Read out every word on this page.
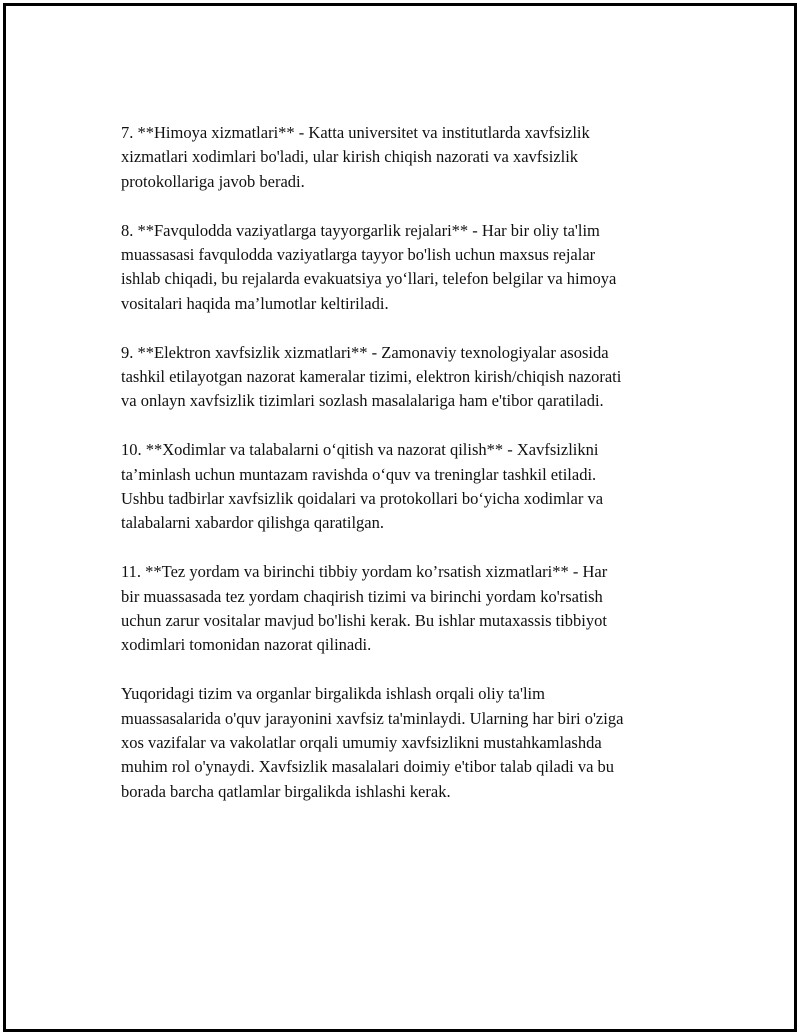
7. **Himoya xizmatlari** - Katta universitet va institutlarda xavfsizlik
xizmatlari xodimlari bo'ladi, ular kirish chiqish nazorati va xavfsizlik
protokollariga javob beradi.

8. **Favqulodda vaziyatlarga tayyorgarlik rejalari** - Har bir oliy ta'lim
muassasasi favqulodda vaziyatlarga tayyor bo'lish uchun maxsus rejalar
ishlab chiqadi, bu rejalarda evakuatsiya yo‘llari, telefon belgilar va himoya
vositalari haqida ma’lumotlar keltiriladi.

9. **Elektron xavfsizlik xizmatlari** - Zamonaviy texnologiyalar asosida
tashkil etilayotgan nazorat kameralar tizimi, elektron kirish/chiqish nazorati
va onlayn xavfsizlik tizimlari sozlash masalalariga ham e'tibor qaratiladi.

10. **Xodimlar va talabalarni o‘qitish va nazorat qilish** - Xavfsizlikni
ta’minlash uchun muntazam ravishda o‘quv va treninglar tashkil etiladi.
Ushbu tadbirlar xavfsizlik qoidalari va protokollari bo‘yicha xodimlar va
talabalarni xabardor qilishga qaratilgan.

11. **Tez yordam va birinchi tibbiy yordam ko’rsatish xizmatlari** - Har
bir muassasada tez yordam chaqirish tizimi va birinchi yordam ko'rsatish
uchun zarur vositalar mavjud bo'lishi kerak. Bu ishlar mutaxassis tibbiyot
xodimlari tomonidan nazorat qilinadi.

Yuqoridagi tizim va organlar birgalikda ishlash orqali oliy ta'lim
muassasalarida o'quv jarayonini xavfsiz ta'minlaydi. Ularning har biri o'ziga
xos vazifalar va vakolatlar orqali umumiy xavfsizlikni mustahkamlashda
muhim rol o'ynaydi. Xavfsizlik masalalari doimiy e'tibor talab qiladi va bu
borada barcha qatlamlar birgalikda ishlashi kerak.
